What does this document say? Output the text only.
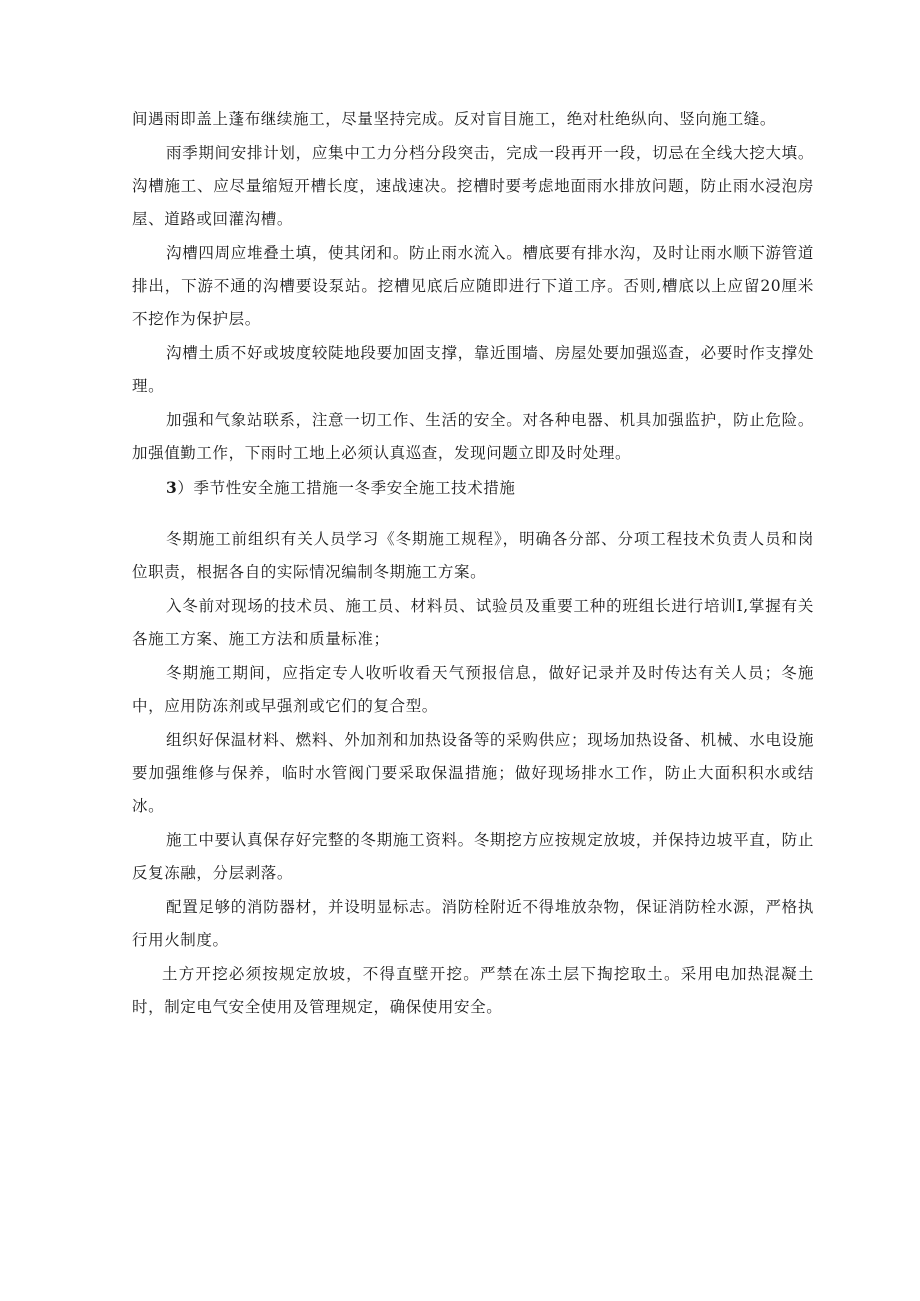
间遇雨即盖上蓬布继续施工，尽量坚持完成。反对盲目施工，绝对杜绝纵向、竖向施工缝。

雨季期间安排计划，应集中工力分档分段突击，完成一段再开一段，切忌在全线大挖大填。沟槽施工、应尽量缩短开槽长度，速战速决。挖槽时要考虑地面雨水排放问题，防止雨水浸泡房屋、道路或回灌沟槽。

沟槽四周应堆叠土填，使其闭和。防止雨水流入。槽底要有排水沟，及时让雨水顺下游管道排出，下游不通的沟槽要设泵站。挖槽见底后应随即进行下道工序。否则,槽底以上应留20厘米不挖作为保护层。

沟槽土质不好或坡度较陡地段要加固支撑，靠近围墙、房屋处要加强巡查，必要时作支撑处理。

加强和气象站联系，注意一切工作、生活的安全。对各种电器、机具加强监护，防止危险。加强值勤工作，下雨时工地上必须认真巡查，发现问题立即及时处理。

3）季节性安全施工措施一冬季安全施工技术措施

冬期施工前组织有关人员学习《冬期施工规程》，明确各分部、分项工程技术负责人员和岗位职责，根据各自的实际情况编制冬期施工方案。

入冬前对现场的技术员、施工员、材料员、试验员及重要工种的班组长进行培训I,掌握有关各施工方案、施工方法和质量标准；

冬期施工期间，应指定专人收听收看天气预报信息，做好记录并及时传达有关人员；冬施中，应用防冻剂或早强剂或它们的复合型。

组织好保温材料、燃料、外加剂和加热设备等的采购供应；现场加热设备、机械、水电设施要加强维修与保养，临时水管阀门要采取保温措施；做好现场排水工作，防止大面积积水或结冰。

施工中要认真保存好完整的冬期施工资料。冬期挖方应按规定放坡，并保持边坡平直，防止反复冻融，分层剥落。

配置足够的消防器材，并设明显标志。消防栓附近不得堆放杂物，保证消防栓水源，严格执行用火制度。

土方开挖必须按规定放坡，不得直壁开挖。严禁在冻土层下掏挖取土。采用电加热混凝土时，制定电气安全使用及管理规定，确保使用安全。
